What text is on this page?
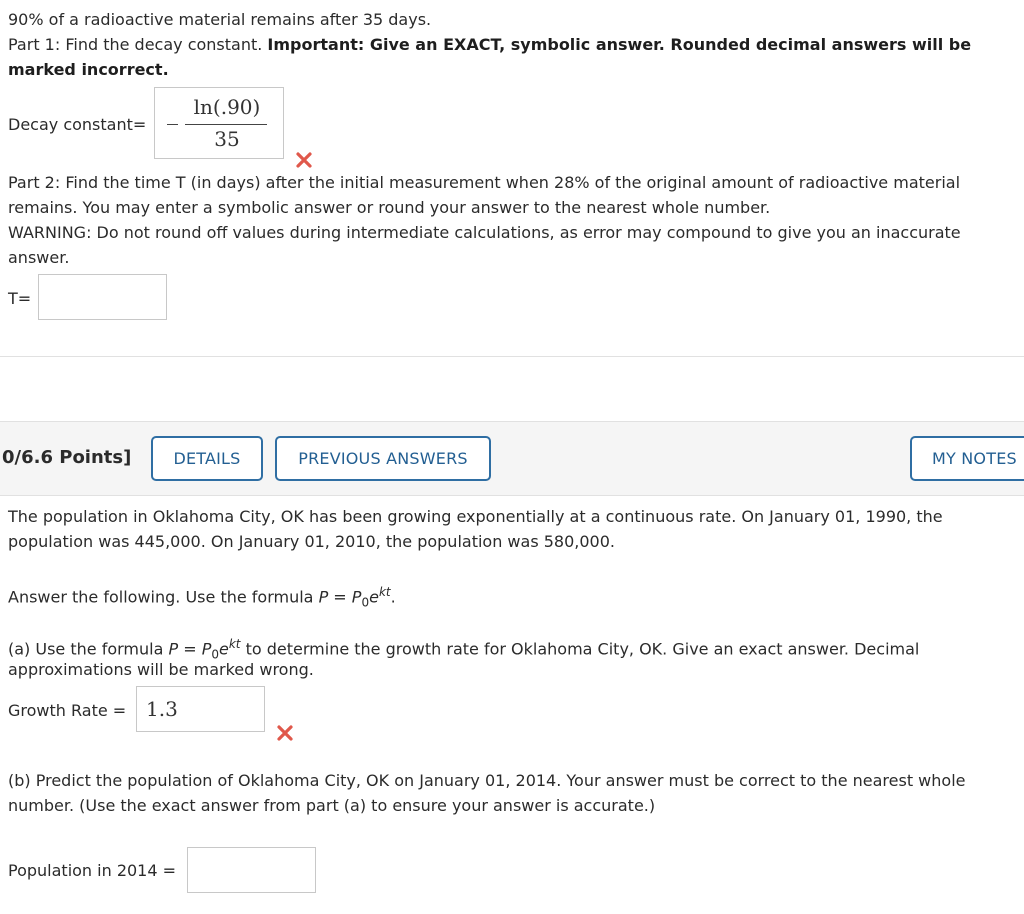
90% of a radioactive material remains after 35 days.
Part 1: Find the decay constant. Important: Give an EXACT, symbolic answer. Rounded decimal answers will be
marked incorrect.
Decay constant=
ln(.90)
35
Part 2: Find the time T (in days) after the initial measurement when 28% of the original amount of radioactive material
remains. You may enter a symbolic answer or round your answer to the nearest whole number.
WARNING: Do not round off values during intermediate calculations, as error may compound to give you an inaccurate
answer.
T=
0/6.6 Points]	DETAILS	PREVIOUS ANSWERS	MY NOTES
The population in Oklahoma City, OK has been growing exponentially at a continuous rate. On January 01, 1990, the
population was 445,000. On January 01, 2010, the population was 580,000.
Answer the following. Use the formula $P = P_0e^{kt}$.
(a) Use the formula $P = P_0e^{kt}$ to determine the growth rate for Oklahoma City, OK. Give an exact answer. Decimal
approximations will be marked wrong.
Growth Rate = 1.3
(b) Predict the population of Oklahoma City, OK on January 01, 2014. Your answer must be correct to the nearest whole
number. (Use the exact answer from part (a) to ensure your answer is accurate.)
Population in 2014 =
